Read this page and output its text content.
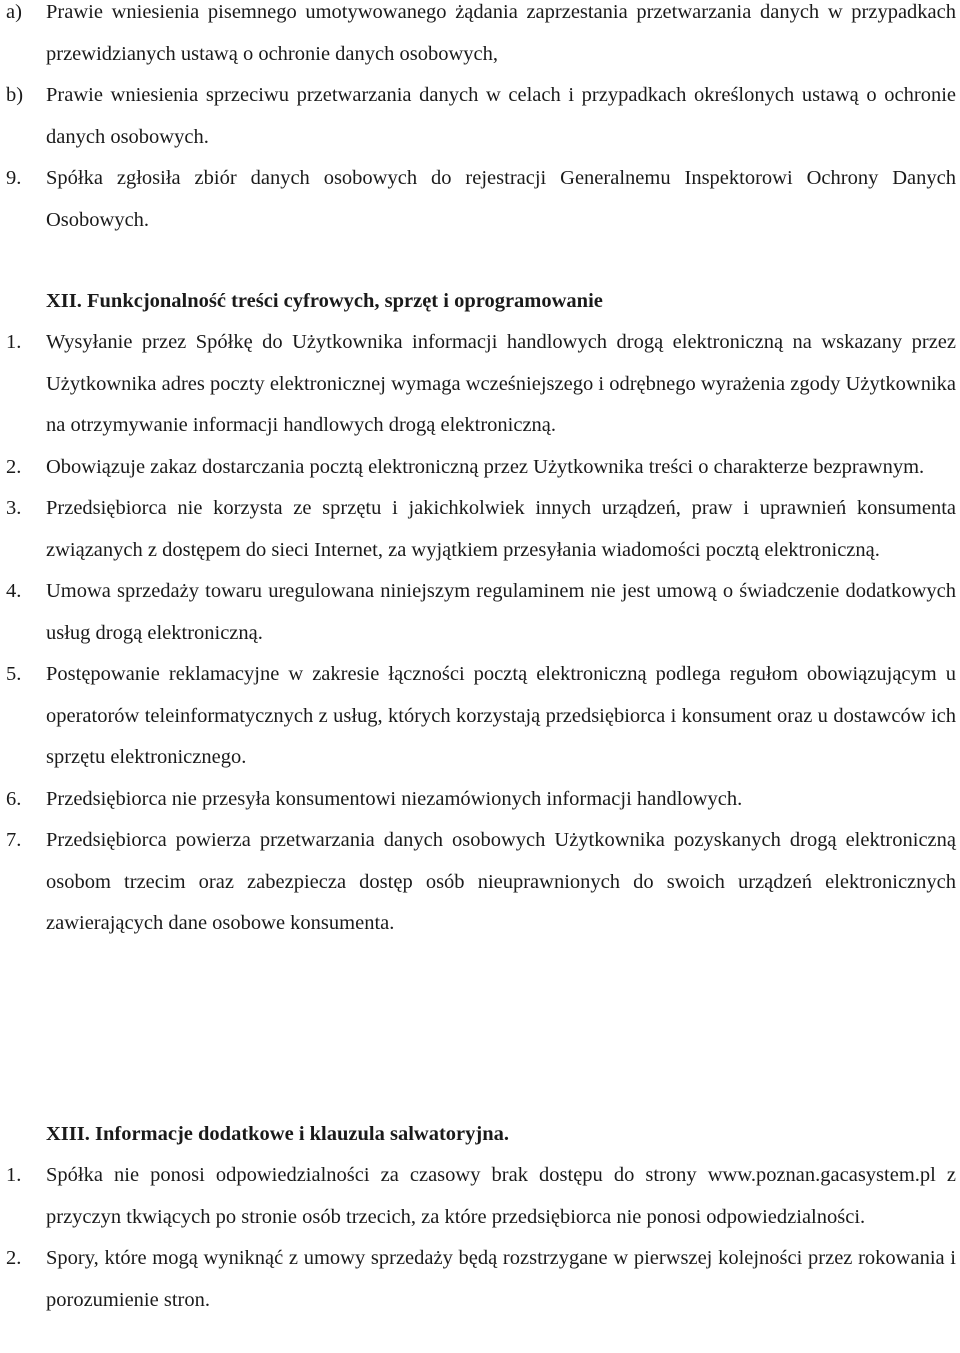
a) Prawie wniesienia pisemnego umotywowanego żądania zaprzestania przetwarzania danych w przypadkach przewidzianych ustawą o ochronie danych osobowych,
b) Prawie wniesienia sprzeciwu przetwarzania danych w celach i przypadkach określonych ustawą o ochronie danych osobowych.
9. Spółka zgłosiła zbiór danych osobowych do rejestracji Generalnemu Inspektorowi Ochrony Danych Osobowych.
XII. Funkcjonalność treści cyfrowych, sprzęt i oprogramowanie
1. Wysyłanie przez Spółkę do Użytkownika informacji handlowych drogą elektroniczną na wskazany przez Użytkownika adres poczty elektronicznej wymaga wcześniejszego i odrębnego wyrażenia zgody Użytkownika na otrzymywanie informacji handlowych drogą elektroniczną.
2. Obowiązuje zakaz dostarczania pocztą elektroniczną przez Użytkownika treści o charakterze bezprawnym.
3. Przedsiębiorca nie korzysta ze sprzętu i jakichkolwiek innych urządzeń, praw i uprawnień konsumenta związanych z dostępem do sieci Internet, za wyjątkiem przesyłania wiadomości pocztą elektroniczną.
4. Umowa sprzedaży towaru uregulowana niniejszym regulaminem nie jest umową o świadczenie dodatkowych usług drogą elektroniczną.
5. Postępowanie reklamacyjne w zakresie łączności pocztą elektroniczną podlega regułom obowiązującym u operatorów teleinformatycznych z usług, których korzystają przedsiębiorca i konsument oraz u dostawców ich sprzętu elektronicznego.
6. Przedsiębiorca nie przesyła konsumentowi niezamówionych informacji handlowych.
7. Przedsiębiorca powierza przetwarzania danych osobowych Użytkownika pozyskanych drogą elektroniczną osobom trzecim oraz zabezpiecza dostęp osób nieuprawnionych do swoich urządzeń elektronicznych zawierających dane osobowe konsumenta.
XIII. Informacje dodatkowe i klauzula salwatoryjna.
1. Spółka nie ponosi odpowiedzialności za czasowy brak dostępu do strony www.poznan.gacasystem.pl z przyczyn tkwiących po stronie osób trzecich, za które przedsiębiorca nie ponosi odpowiedzialności.
2. Spory, które mogą wyniknąć z umowy sprzedaży będą rozstrzygane w pierwszej kolejności przez rokowania i porozumienie stron.
